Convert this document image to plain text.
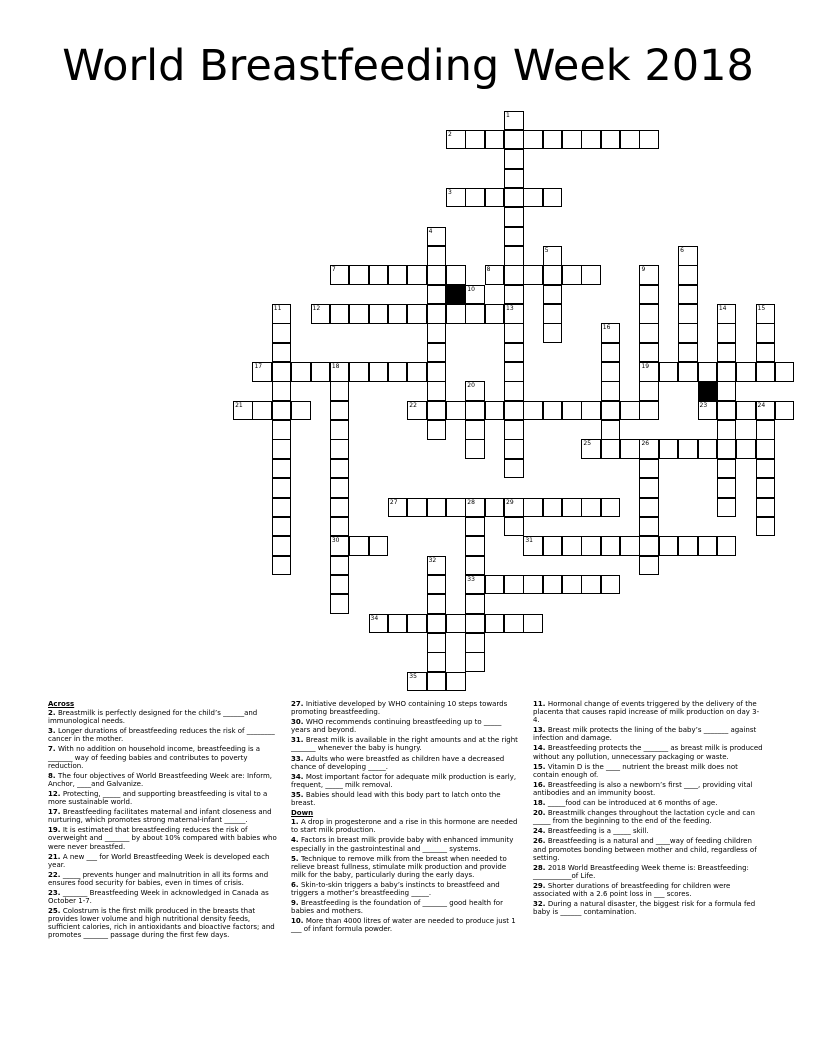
World Breastfeeding Week 2018
1
2
3
4
5	6
7	8	9
10
11	12	13	14	15
16
17	18	19
20
21	22	23	24
25	26
27	28	29
30	31
32
33
34
35
Across
2. Breastmilk is perfectly designed for the child’s ______and immunological needs.
3. Longer durations of breastfeeding reduces the risk of ________ cancer in the mother.
7. With no addition on household income, breastfeeding is a _______ way of feeding babies and contributes to poverty reduction.
8. The four objectives of World Breastfeeding Week are: Inform, Anchor, ____and Galvanize.
12. Protecting, _____ and supporting breastfeeding is vital to a more sustainable world.
17. Breastfeeding facilitates maternal and infant closeness and nurturing, which promotes strong maternal-infant ______.
19. It is estimated that breastfeeding reduces the risk of overweight and _______ by about 10% compared with babies who were never breastfed.
21. A new ___ for World Breastfeeding Week is developed each year.
22. _____ prevents hunger and malnutrition in all its forms and ensures food security for babies, even in times of crisis.
23. _______ Breastfeeding Week in acknowledged in Canada as October 1-7.
25. Colostrum is the first milk produced in the breasts that provides lower volume and high nutritional density feeds, sufficient calories, rich in antioxidants and bioactive factors; and promotes _______ passage during the first few days.
27. Initiative developed by WHO containing 10 steps towards promoting breastfeeding.
30. WHO recommends continuing breastfeeding up to _____ years and beyond.
31. Breast milk is available in the right amounts and at the right _______ whenever the baby is hungry.
33. Adults who were breastfed as children have a decreased chance of developing _____.
34. Most important factor for adequate milk production is early, frequent, _____ milk removal.
35. Babies should lead with this body part to latch onto the breast.
Down
1. A drop in progesterone and a rise in this hormone are needed to start milk production.
4. Factors in breast milk provide baby with enhanced immunity especially in the gastrointestinal and _______ systems.
5. Technique to remove milk from the breast when needed to relieve breast fullness, stimulate milk production and provide milk for the baby, particularly during the early days.
6. Skin-to-skin triggers a baby’s instincts to breastfeed and triggers a mother’s breastfeeding _____.
9. Breastfeeding is the foundation of _______ good health for babies and mothers.
10. More than 4000 litres of water are needed to produce just 1 ___ of infant formula powder.
11. Hormonal change of events triggered by the delivery of the placenta that causes rapid increase of milk production on day 3-4.
13. Breast milk protects the lining of the baby’s _______ against infection and damage.
14. Breastfeeding protects the _______ as breast milk is produced without any pollution, unnecessary packaging or waste.
15. Vitamin D is the ____ nutrient the breast milk does not contain enough of.
16. Breastfeeding is also a newborn’s first ____, providing vital antibodies and an immunity boost.
18. _____food can be introduced at 6 months of age.
20. Breastmilk changes throughout the lactation cycle and can _____ from the beginning to the end of the feeding.
24. Breastfeeding is a _____ skill.
26. Breastfeeding is a natural and ____way of feeding children and promotes bonding between mother and child, regardless of setting.
28. 2018 World Breastfeeding Week theme is: Breastfeeding: ___________of Life.
29. Shorter durations of breastfeeding for children were associated with a 2.6 point loss in ___ scores.
32. During a natural disaster, the biggest risk for a formula fed baby is ______ contamination.
